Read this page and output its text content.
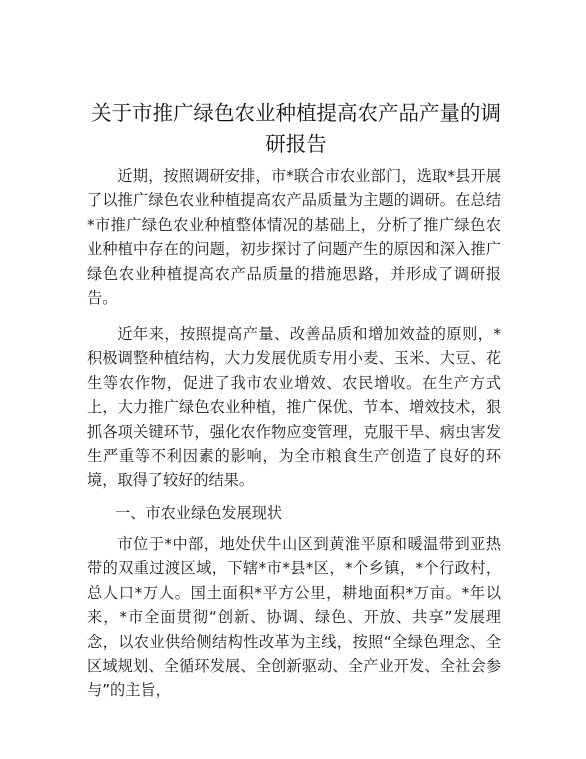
关于市推广绿色农业种植提高农产品产量的调研报告

近期，按照调研安排，市*联合市农业部门，选取*县开展了以推广绿色农业种植提高农产品质量为主题的调研。在总结*市推广绿色农业种植整体情况的基础上，分析了推广绿色农业种植中存在的问题，初步探讨了问题产生的原因和深入推广绿色农业种植提高农产品质量的措施思路，并形成了调研报告。

近年来，按照提高产量、改善品质和增加效益的原则，*积极调整种植结构，大力发展优质专用小麦、玉米、大豆、花生等农作物，促进了我市农业增效、农民增收。在生产方式上，大力推广绿色农业种植，推广保优、节本、增效技术，狠抓各项关键环节，强化农作物应变管理，克服干旱、病虫害发生严重等不利因素的影响，为全市粮食生产创造了良好的环境，取得了较好的结果。

一、市农业绿色发展现状

市位于*中部，地处伏牛山区到黄淮平原和暖温带到亚热带的双重过渡区域，下辖*市*县*区，*个乡镇，*个行政村，总人口*万人。国土面积*平方公里，耕地面积*万亩。*年以来，*市全面贯彻“创新、协调、绿色、开放、共享”发展理念，以农业供给侧结构性改革为主线，按照“全绿色理念、全区域规划、全循环发展、全创新驱动、全产业开发、全社会参与”的主旨，
